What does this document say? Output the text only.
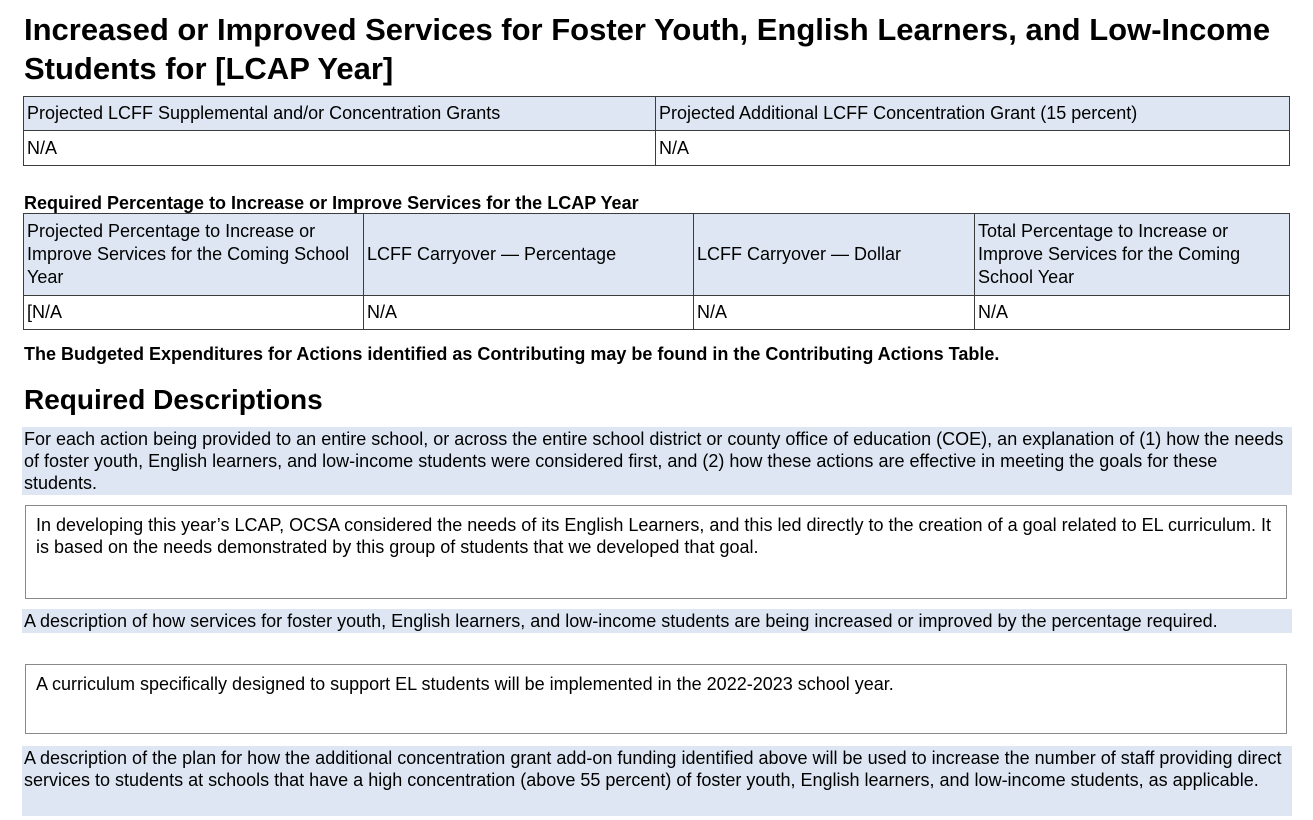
Increased or Improved Services for Foster Youth, English Learners, and Low-Income Students for [LCAP Year]
Projected LCFF Supplemental and/or Concentration Grants	Projected Additional LCFF Concentration Grant (15 percent)
N/A	N/A
Required Percentage to Increase or Improve Services for the LCAP Year
Projected Percentage to Increase or Improve Services for the Coming School Year	LCFF Carryover — Percentage	LCFF Carryover — Dollar	Total Percentage to Increase or Improve Services for the Coming School Year
[N/A	N/A	N/A	N/A
The Budgeted Expenditures for Actions identified as Contributing may be found in the Contributing Actions Table.
Required Descriptions
For each action being provided to an entire school, or across the entire school district or county office of education (COE), an explanation of (1) how the needs of foster youth, English learners, and low-income students were considered first, and (2) how these actions are effective in meeting the goals for these students.
In developing this year’s LCAP, OCSA considered the needs of its English Learners, and this led directly to the creation of a goal related to EL curriculum. It is based on the needs demonstrated by this group of students that we developed that goal.
A description of how services for foster youth, English learners, and low-income students are being increased or improved by the percentage required.
A curriculum specifically designed to support EL students will be implemented in the 2022-2023 school year.
A description of the plan for how the additional concentration grant add-on funding identified above will be used to increase the number of staff providing direct services to students at schools that have a high concentration (above 55 percent) of foster youth, English learners, and low-income students, as applicable.
